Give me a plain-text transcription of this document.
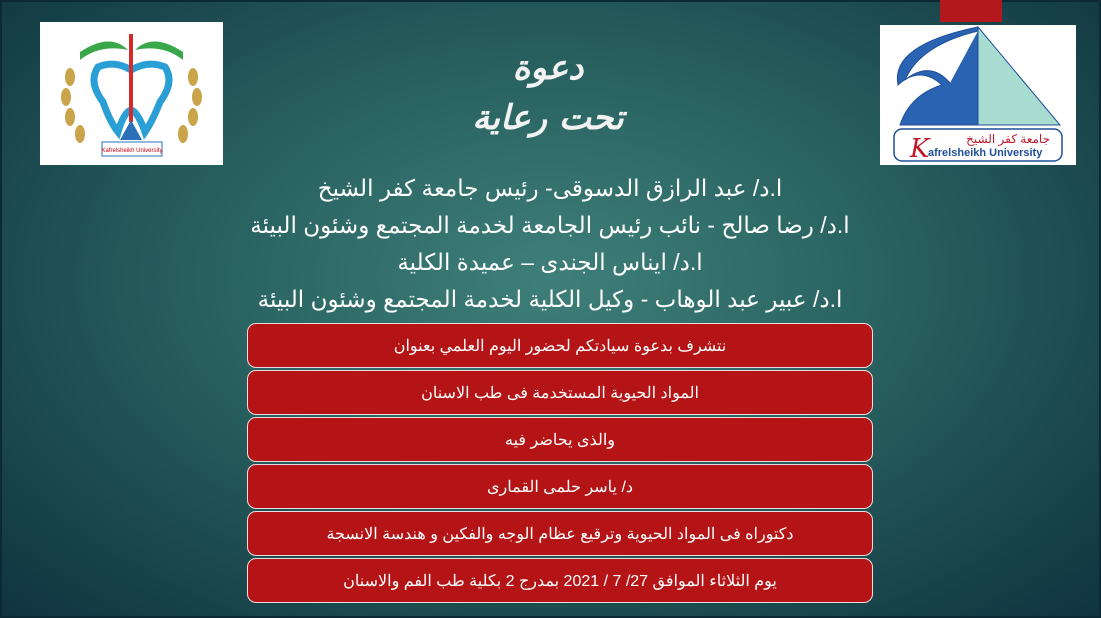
Kafrelsheikh University	K	جامعة كفر الشيخ
afrelsheikh University
دعوة
تحت رعاية
ا.د/ عبد الرازق الدسوقى- رئيس جامعة كفر الشيخ
ا.د/ رضا صالح - نائب رئيس الجامعة لخدمة المجتمع وشئون البيئة
ا.د/ ايناس الجندى – عميدة الكلية
ا.د/ عبير عبد الوهاب - وكيل الكلية لخدمة المجتمع وشئون البيئة
نتشرف بدعوة سيادتكم لحضور اليوم العلمي بعنوان
المواد الحيوية المستخدمة فى طب الاسنان
والذى يحاضر فيه
د/ ياسر حلمى القمارى
دكتوراه فى المواد الحيوية وترقيع عظام الوجه والفكين و هندسة الانسجة
يوم الثلاثاء الموافق 27/ 7 / 2021 بمدرج 2 بكلية طب الفم والاسنان
